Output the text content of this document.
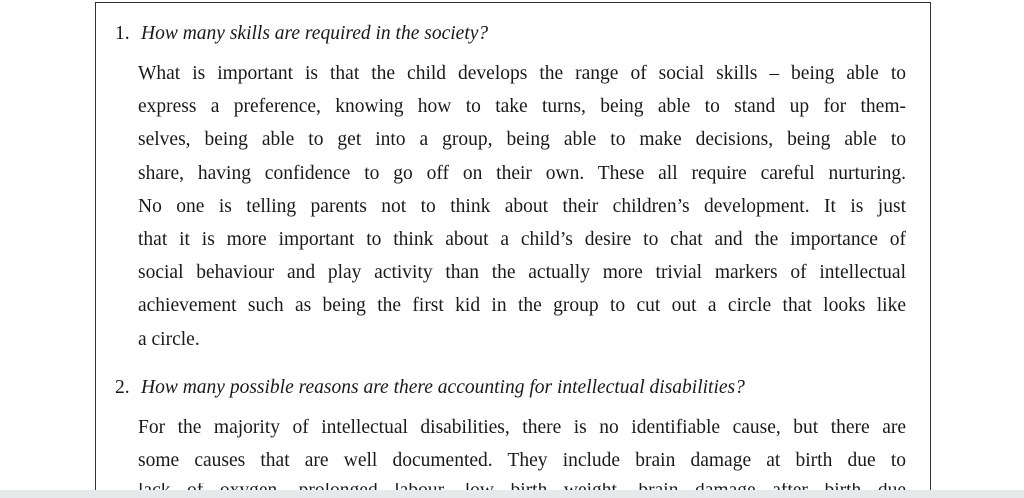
1. How many skills are required in the society?
What is important is that the child develops the range of social skills – being able to
express a preference, knowing how to take turns, being able to stand up for them-
selves, being able to get into a group, being able to make decisions, being able to
share, having confidence to go off on their own. These all require careful nurturing.
No one is telling parents not to think about their children’s development. It is just
that it is more important to think about a child’s desire to chat and the importance of
social behaviour and play activity than the actually more trivial markers of intellectual
achievement such as being the first kid in the group to cut out a circle that looks like
a circle.
2. How many possible reasons are there accounting for intellectual disabilities?
For the majority of intellectual disabilities, there is no identifiable cause, but there are
some causes that are well documented. They include brain damage at birth due to
